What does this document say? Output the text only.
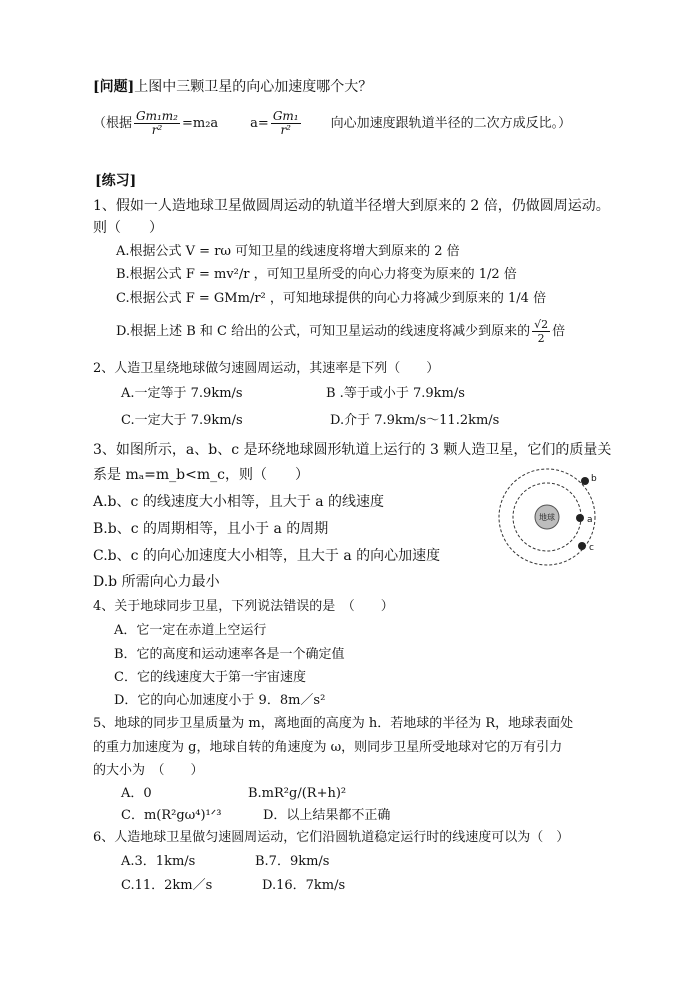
[问题]上图中三颗卫星的向心加速度哪个大？
（根据 $\frac{\text{Gm₁m₂}}{\text{r²}} =m_2a$ $a= \frac{\text{Gm₁}}{\text{r²}}$ 向心加速度跟轨道半径的二次方成反比。）
[练习]
1、假如一人造地球卫星做圆周运动的轨道半径增大到原来的 2 倍，仍做圆周运动。
则（　　）
A.根据公式 V = rω 可知卫星的线速度将增大到原来的 2 倍
B.根据公式 F = mv²/r ，可知卫星所受的向心力将变为原来的 1/2 倍
C.根据公式 F = GMm/r² ，可知地球提供的向心力将减少到原来的 1/4 倍
D.根据上述 B 和 C 给出的公式，可知卫星运动的线速度将减少到原来的 $\frac{√2}{2}$ 倍
2、人造卫星绕地球做匀速圆周运动，其速率是下列（　　）
A.一定等于 7.9km/s	B .等于或小于 7.9km/s
C.一定大于 7.9km/s	D.介于 7.9km/s～11.2km/s
3、如图所示，a、b、c 是环绕地球圆形轨道上运行的 3 颗人造卫星，它们的质量关
系是 mₐ=m_b<m_c，则（　　）
A.b、c 的线速度大小相等，且大于 a 的线速度
B.b、c 的周期相等，且小于 a 的周期
C.b、c 的向心加速度大小相等，且大于 a 的向心加速度
D.b 所需向心力最小
地球	a
b
c
4、关于地球同步卫星，下列说法错误的是　（　　）
A．它一定在赤道上空运行
B．它的高度和运动速率各是一个确定值
C．它的线速度大于第一宇宙速度
D．它的向心加速度小于 9．8m／s²
5、地球的同步卫星质量为 m，离地面的高度为 h．若地球的半径为 R，地球表面处
的重力加速度为 g，地球自转的角速度为 ω，则同步卫星所受地球对它的万有引力
的大小为　（　　）
A．0	B.mR²g/(R+h)²
C．m(R²gω⁴)¹ᐟ³	D．以上结果都不正确
6、人造地球卫星做匀速圆周运动，它们沿圆轨道稳定运行时的线速度可以为（　）
A.3．1km/s	B.7．9km/s
C.11．2km／s	D.16．7km/s
